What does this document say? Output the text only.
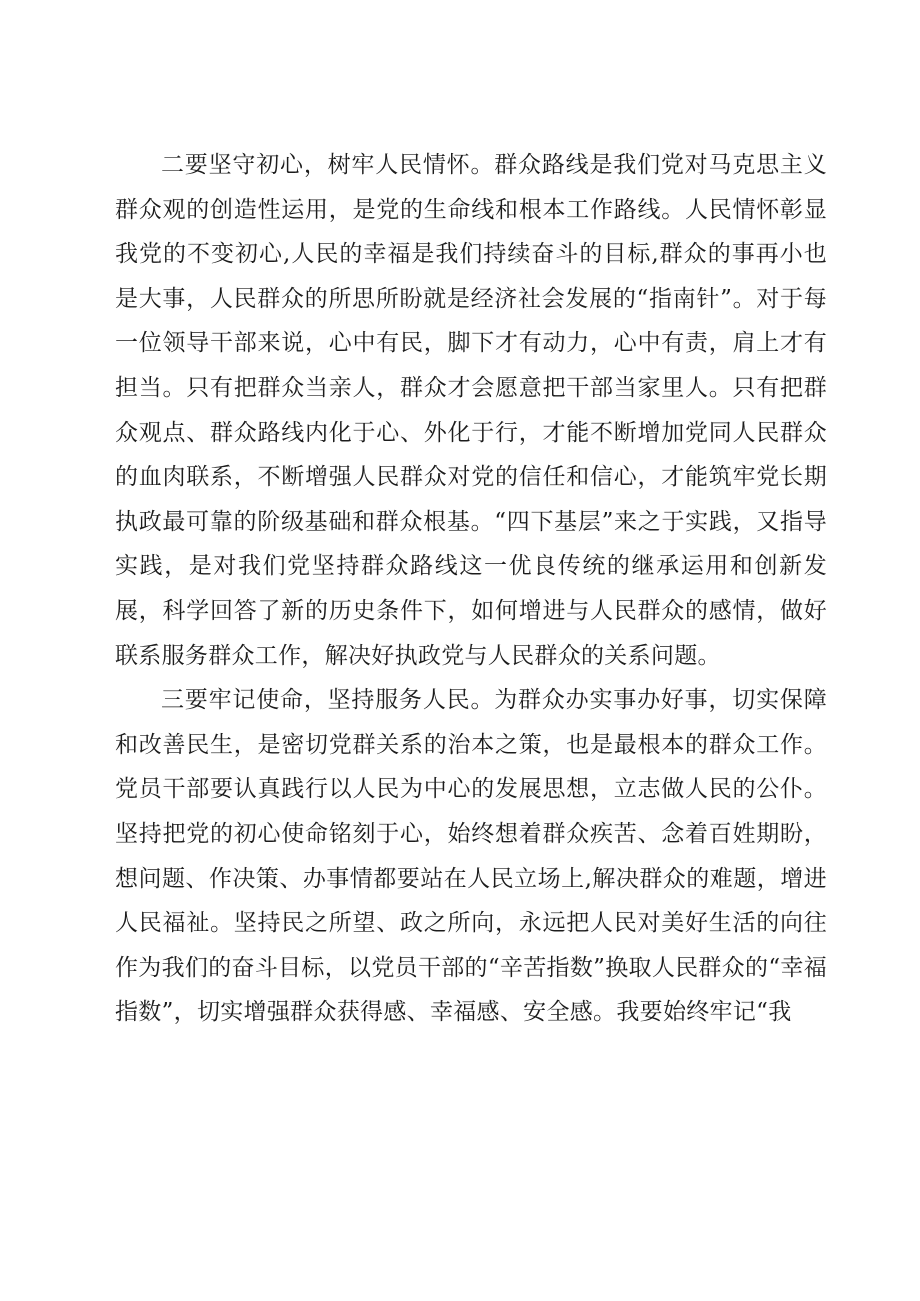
二要坚守初心，树牢人民情怀。群众路线是我们党对马克思主义群众观的创造性运用，是党的生命线和根本工作路线。人民情怀彰显我党的不变初心,人民的幸福是我们持续奋斗的目标,群众的事再小也是大事，人民群众的所思所盼就是经济社会发展的“指南针”。对于每一位领导干部来说，心中有民，脚下才有动力，心中有责，肩上才有担当。只有把群众当亲人，群众才会愿意把干部当家里人。只有把群众观点、群众路线内化于心、外化于行，才能不断增加党同人民群众的血肉联系，不断增强人民群众对党的信任和信心，才能筑牢党长期执政最可靠的阶级基础和群众根基。“四下基层”来之于实践，又指导实践，是对我们党坚持群众路线这一优良传统的继承运用和创新发展，科学回答了新的历史条件下，如何增进与人民群众的感情，做好联系服务群众工作，解决好执政党与人民群众的关系问题。

三要牢记使命，坚持服务人民。为群众办实事办好事，切实保障和改善民生，是密切党群关系的治本之策，也是最根本的群众工作。党员干部要认真践行以人民为中心的发展思想，立志做人民的公仆。坚持把党的初心使命铭刻于心，始终想着群众疾苦、念着百姓期盼，想问题、作决策、办事情都要站在人民立场上,解决群众的难题，增进人民福祉。坚持民之所望、政之所向，永远把人民对美好生活的向往作为我们的奋斗目标，以党员干部的“辛苦指数”换取人民群众的“幸福指数”，切实增强群众获得感、幸福感、安全感。我要始终牢记“我
